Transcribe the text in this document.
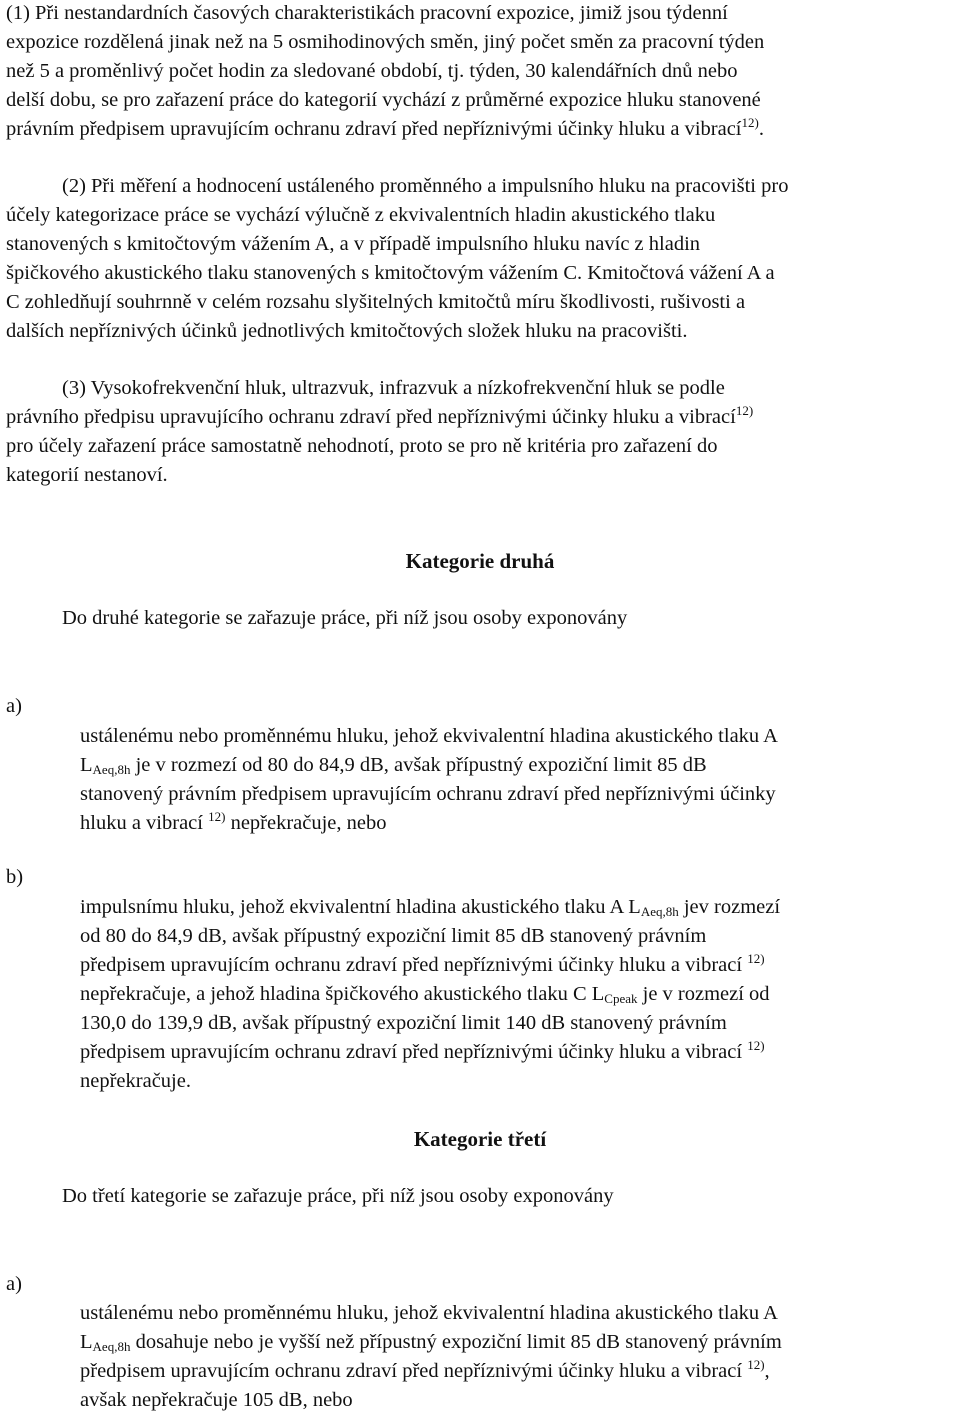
(1) Při nestandardních časových charakteristikách pracovní expozice, jimiž jsou týdenní
expozice rozdělená jinak než na 5 osmihodinových směn, jiný počet směn za pracovní týden
než 5 a proměnlivý počet hodin za sledované období, tj. týden, 30 kalendářních dnů nebo
delší dobu, se pro zařazení práce do kategorií vychází z průměrné expozice hluku stanovené
právním předpisem upravujícím ochranu zdraví před nepříznivými účinky hluku a vibrací$^{12)}$.
(2) Při měření a hodnocení ustáleného proměnného a impulsního hluku na pracovišti pro
účely kategorizace práce se vychází výlučně z ekvivalentních hladin akustického tlaku
stanovených s kmitočtovým vážením A, a v případě impulsního hluku navíc z hladin
špičkového akustického tlaku stanovených s kmitočtovým vážením C. Kmitočtová vážení A a
C zohledňují souhrnně v celém rozsahu slyšitelných kmitočtů míru škodlivosti, rušivosti a
dalších nepříznivých účinků jednotlivých kmitočtových složek hluku na pracovišti.
(3) Vysokofrekvenční hluk, ultrazvuk, infrazvuk a nízkofrekvenční hluk se podle
právního předpisu upravujícího ochranu zdraví před nepříznivými účinky hluku a vibrací$^{12)}$
pro účely zařazení práce samostatně nehodnotí, proto se pro ně kritéria pro zařazení do
kategorií nestanoví.
Kategorie druhá
Do druhé kategorie se zařazuje práce, při níž jsou osoby exponovány
a)
ustálenému nebo proměnnému hluku, jehož ekvivalentní hladina akustického tlaku A
$L_{Aeq,8h}$ je v rozmezí od 80 do 84,9 dB, avšak přípustný expoziční limit 85 dB
stanovený právním předpisem upravujícím ochranu zdraví před nepříznivými účinky
hluku a vibrací $^{12)}$ nepřekračuje, nebo
b)
impulsnímu hluku, jehož ekvivalentní hladina akustického tlaku A $L_{Aeq,8h}$ jev rozmezí
od 80 do 84,9 dB, avšak přípustný expoziční limit 85 dB stanovený právním
předpisem upravujícím ochranu zdraví před nepříznivými účinky hluku a vibrací $^{12)}$
nepřekračuje, a jehož hladina špičkového akustického tlaku C $L_{Cpeak}$ je v rozmezí od
130,0 do 139,9 dB, avšak přípustný expoziční limit 140 dB stanovený právním
předpisem upravujícím ochranu zdraví před nepříznivými účinky hluku a vibrací $^{12)}$
nepřekračuje.
Kategorie třetí
Do třetí kategorie se zařazuje práce, při níž jsou osoby exponovány
a)
ustálenému nebo proměnnému hluku, jehož ekvivalentní hladina akustického tlaku A
$L_{Aeq,8h}$ dosahuje nebo je vyšší než přípustný expoziční limit 85 dB stanovený právním
předpisem upravujícím ochranu zdraví před nepříznivými účinky hluku a vibrací $^{12)}$,
avšak nepřekračuje 105 dB, nebo
